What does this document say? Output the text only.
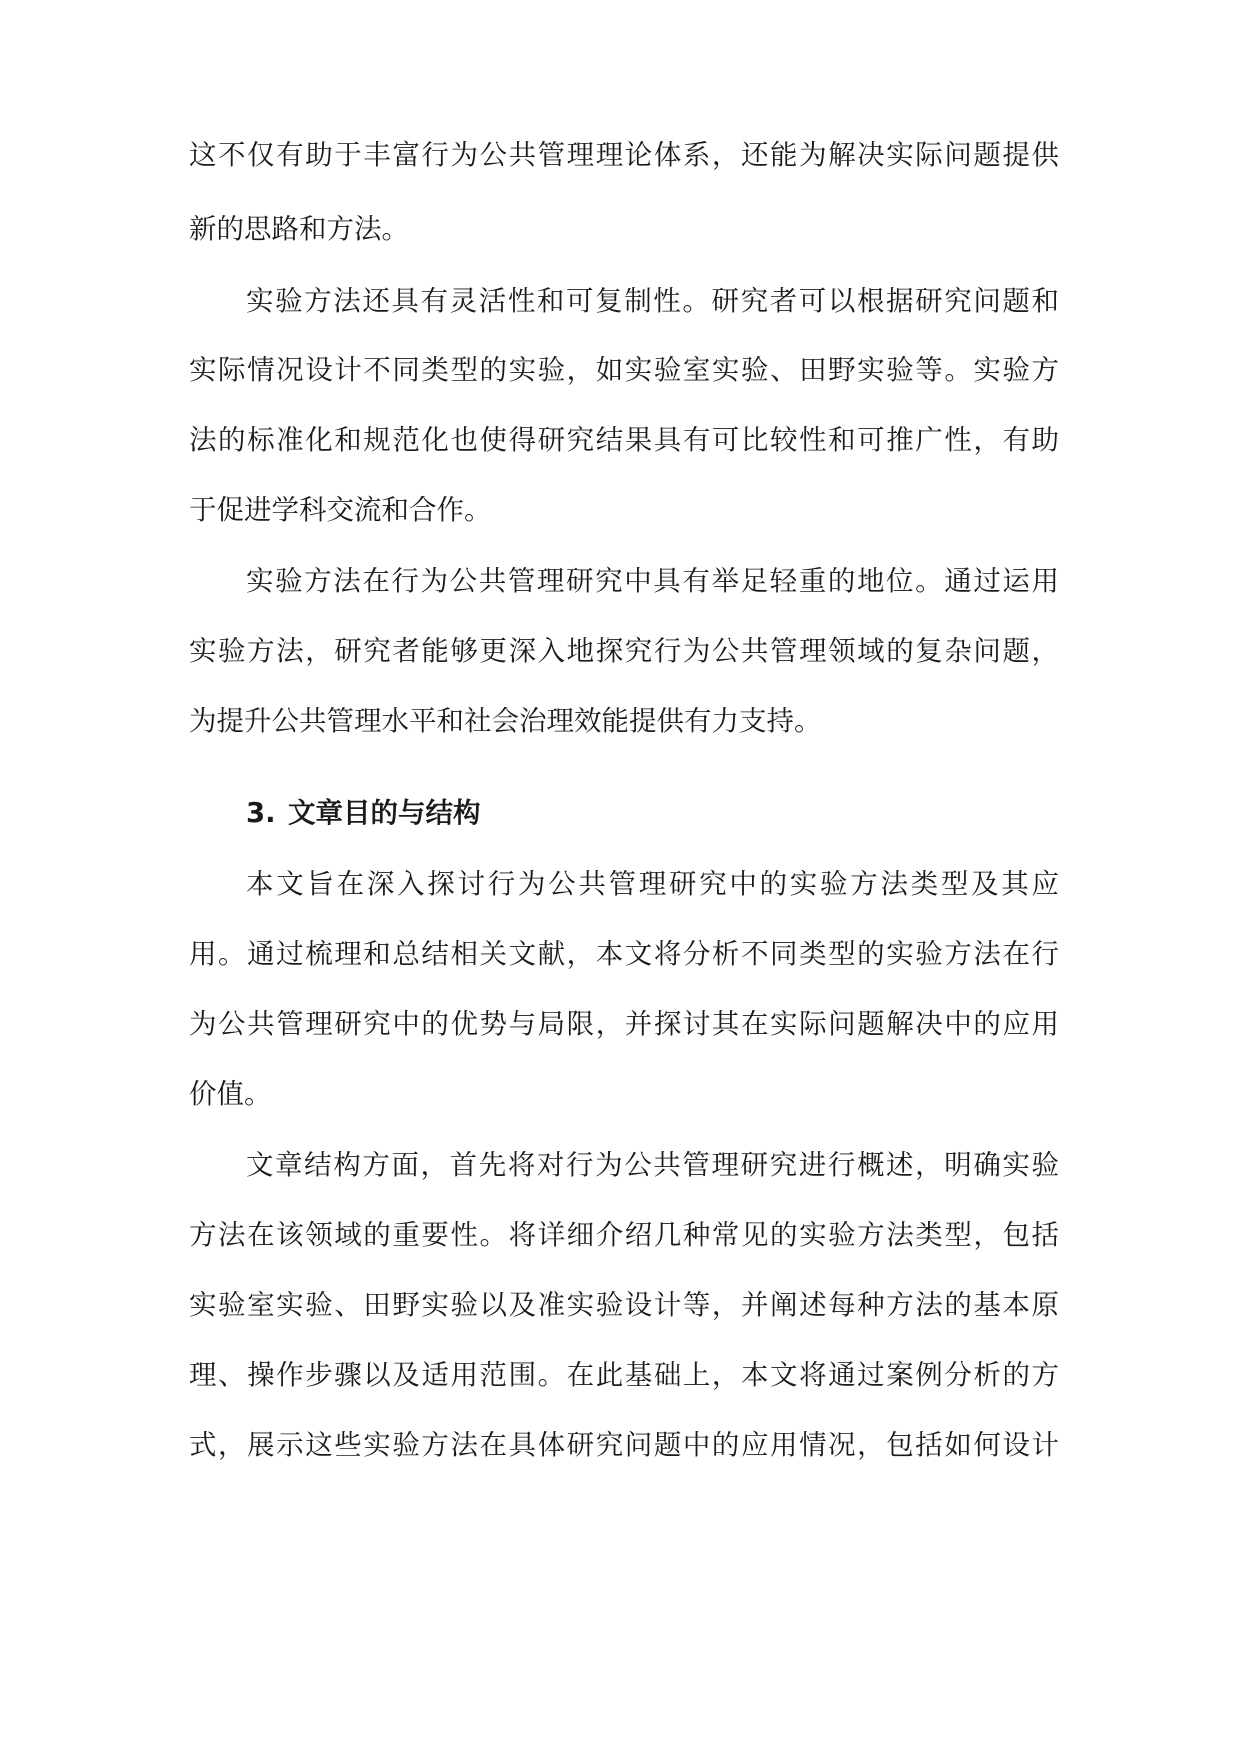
这不仅有助于丰富行为公共管理理论体系，还能为解决实际问题提供
新的思路和方法。
实验方法还具有灵活性和可复制性。研究者可以根据研究问题和
实际情况设计不同类型的实验，如实验室实验、田野实验等。实验方
法的标准化和规范化也使得研究结果具有可比较性和可推广性，有助
于促进学科交流和合作。
实验方法在行为公共管理研究中具有举足轻重的地位。通过运用
实验方法，研究者能够更深入地探究行为公共管理领域的复杂问题，
为提升公共管理水平和社会治理效能提供有力支持。
3. 文章目的与结构
本文旨在深入探讨行为公共管理研究中的实验方法类型及其应
用。通过梳理和总结相关文献，本文将分析不同类型的实验方法在行
为公共管理研究中的优势与局限，并探讨其在实际问题解决中的应用
价值。
文章结构方面，首先将对行为公共管理研究进行概述，明确实验
方法在该领域的重要性。将详细介绍几种常见的实验方法类型，包括
实验室实验、田野实验以及准实验设计等，并阐述每种方法的基本原
理、操作步骤以及适用范围。在此基础上，本文将通过案例分析的方
式，展示这些实验方法在具体研究问题中的应用情况，包括如何设计
